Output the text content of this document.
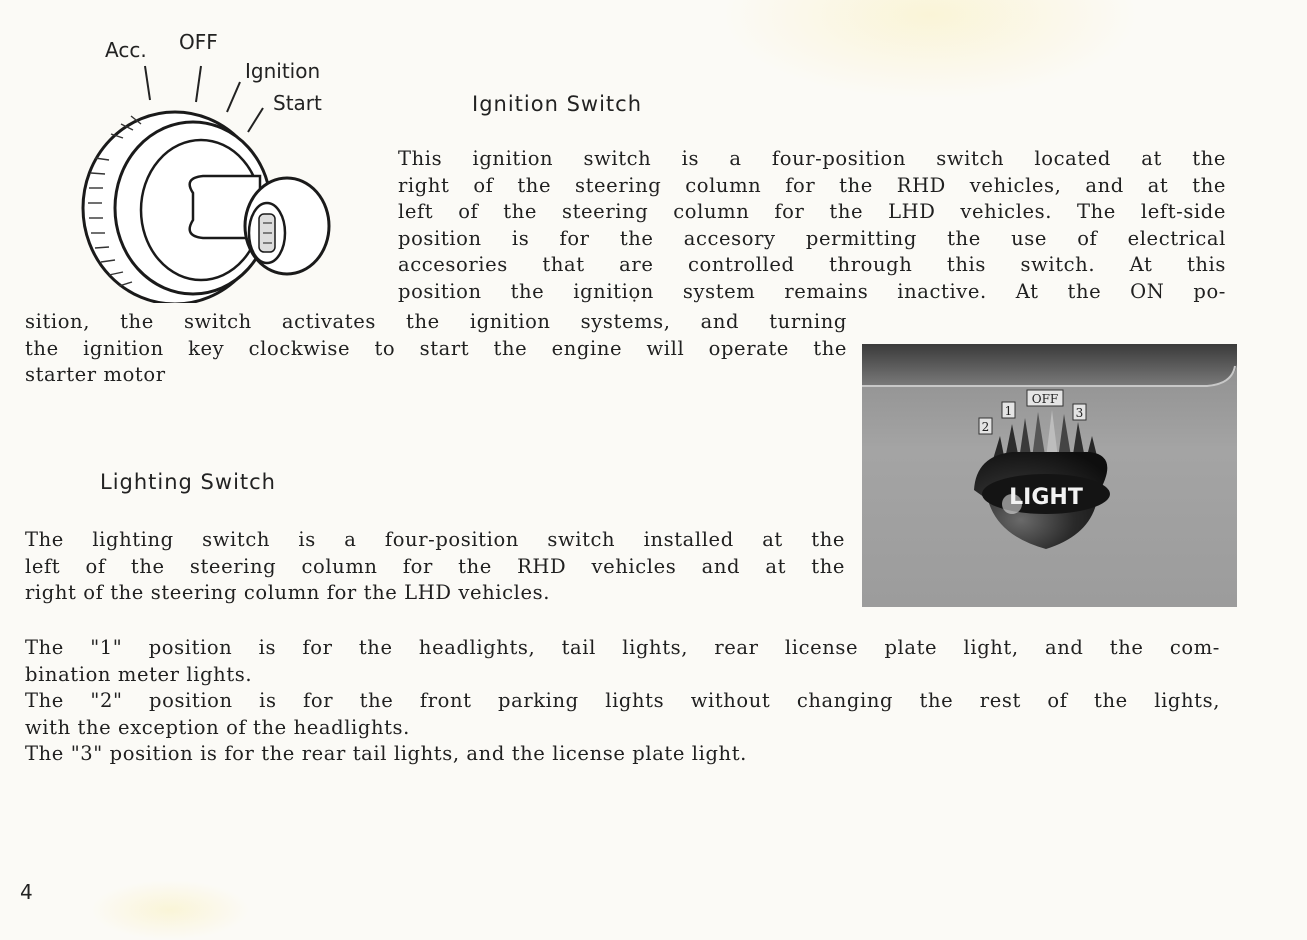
Acc. OFF
Ignition
Start	Ignition Switch

This ignition switch is a four-position switch located at the
right of the steering column for the RHD vehicles, and at the
left of the steering column for the LHD vehicles. The left-side
position is for the accesory permitting the use of electrical
accesories that are controlled through this switch. At this
position the ignitiọn system remains inactive. At the ON po-

sition, the switch activates the ignition systems, and turning
the ignition key clockwise to start the engine will operate the
starter motor

LIGHT
OFF
1
2
3
Lighting Switch

The lighting switch is a four-position switch installed at the
left of the steering column for the RHD vehicles and at the
right of the steering column for the LHD vehicles.

The "1" position is for the headlights, tail lights, rear license plate light, and the com-
bination meter lights.
The "2" position is for the front parking lights without changing the rest of the lights,
with the exception of the headlights.
The "3" position is for the rear tail lights, and the license plate light.

4
